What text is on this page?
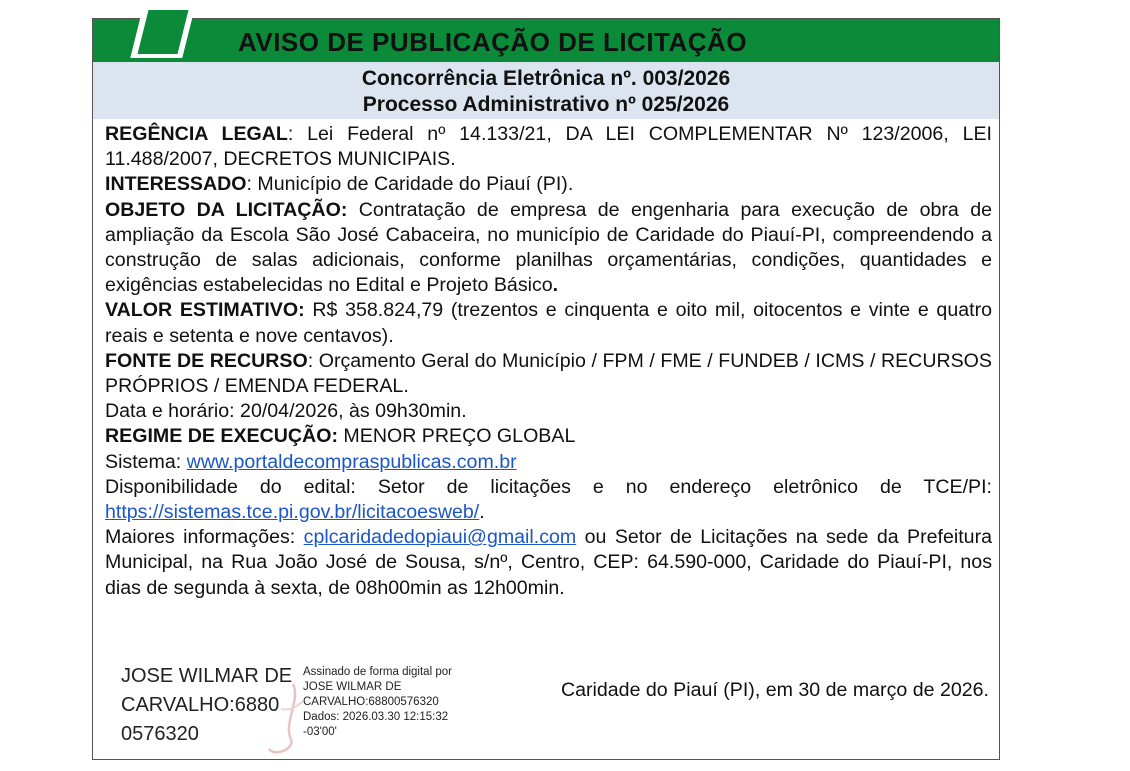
AVISO DE PUBLICAÇÃO DE LICITAÇÃO
Concorrência Eletrônica nº. 003/2026
Processo Administrativo nº 025/2026

REGÊNCIA LEGAL: Lei Federal nº 14.133/21, DA LEI COMPLEMENTAR Nº 123/2006, LEI 11.488/2007, DECRETOS MUNICIPAIS.

INTERESSADO: Município de Caridade do Piauí (PI).

OBJETO DA LICITAÇÃO: Contratação de empresa de engenharia para execução de obra de ampliação da Escola São José Cabaceira, no município de Caridade do Piauí-PI, compreendendo a construção de salas adicionais, conforme planilhas orçamentárias, condições, quantidades e exigências estabelecidas no Edital e Projeto Básico.

VALOR ESTIMATIVO: R$ 358.824,79 (trezentos e cinquenta e oito mil, oitocentos e vinte e quatro reais e setenta e nove centavos).

FONTE DE RECURSO: Orçamento Geral do Município / FPM / FME / FUNDEB / ICMS / RECURSOS PRÓPRIOS / EMENDA FEDERAL.

Data e horário: 20/04/2026, às 09h30min.

REGIME DE EXECUÇÃO: MENOR PREÇO GLOBAL

Sistema: www.portaldecompraspublicas.com.br

Disponibilidade do edital: Setor de licitações e no endereço eletrônico de TCE/PI: https://sistemas.tce.pi.gov.br/licitacoesweb/.

Maiores informações: cplcaridadedopiaui@gmail.com ou Setor de Licitações na sede da Prefeitura Municipal, na Rua João José de Sousa, s/nº, Centro, CEP: 64.590-000, Caridade do Piauí-PI, nos dias de segunda à sexta, de 08h00min as 12h00min.

JOSE WILMAR DE
CARVALHO:6880
0576320
Assinado de forma digital por
JOSE WILMAR DE
CARVALHO:68800576320
Dados: 2026.03.30 12:15:32
-03'00'
Caridade do Piauí (PI), em 30 de março de 2026.
